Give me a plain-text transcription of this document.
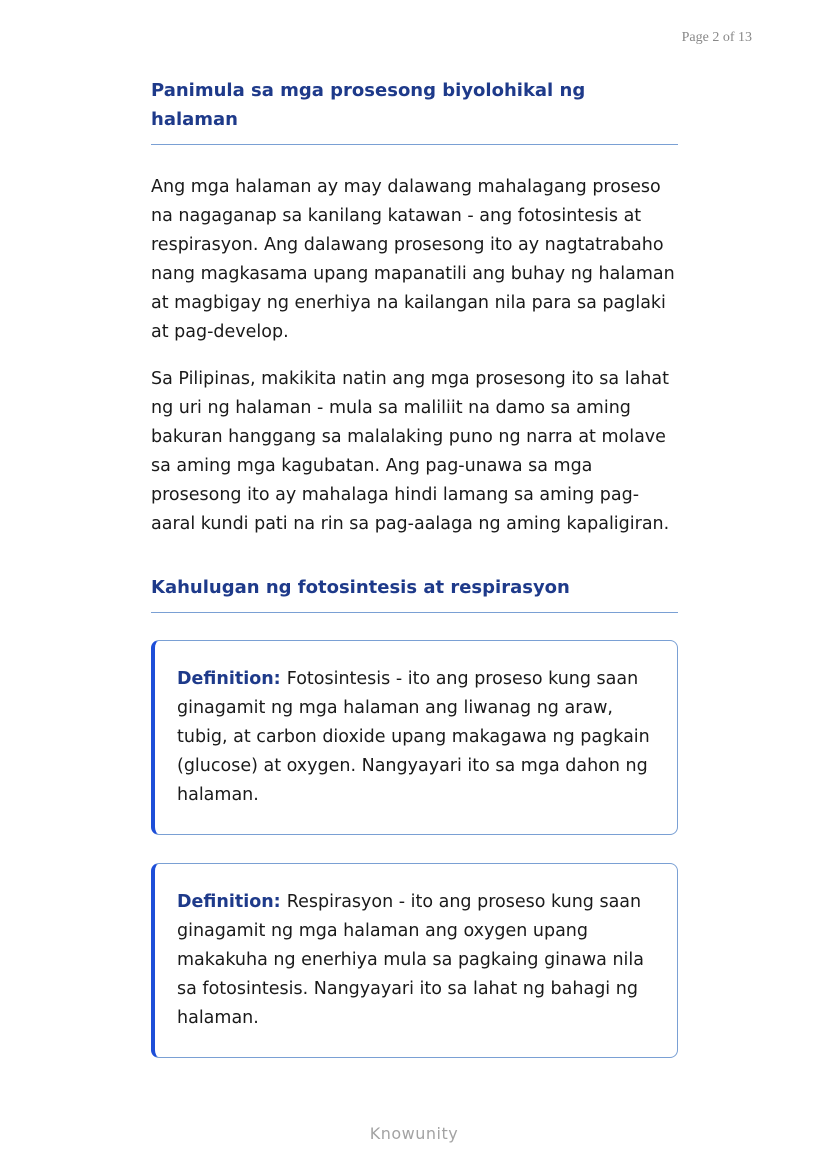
Page 2 of 13
Panimula sa mga prosesong biyolohikal ng halaman

Ang mga halaman ay may dalawang mahalagang proseso na nagaganap sa kanilang katawan - ang fotosintesis at respirasyon. Ang dalawang prosesong ito ay nagtatrabaho nang magkasama upang mapanatili ang buhay ng halaman at magbigay ng enerhiya na kailangan nila para sa paglaki at pag-develop.

Sa Pilipinas, makikita natin ang mga prosesong ito sa lahat ng uri ng halaman - mula sa maliliit na damo sa aming bakuran hanggang sa malalaking puno ng narra at molave sa aming mga kagubatan. Ang pag-unawa sa mga prosesong ito ay mahalaga hindi lamang sa aming pag-aaral kundi pati na rin sa pag-aalaga ng aming kapaligiran.

Kahulugan ng fotosintesis at respirasyon
Definition: Fotosintesis - ito ang proseso kung saan ginagamit ng mga halaman ang liwanag ng araw, tubig, at carbon dioxide upang makagawa ng pagkain (glucose) at oxygen. Nangyayari ito sa mga dahon ng halaman.
Definition: Respirasyon - ito ang proseso kung saan ginagamit ng mga halaman ang oxygen upang makakuha ng enerhiya mula sa pagkaing ginawa nila sa fotosintesis. Nangyayari ito sa lahat ng bahagi ng halaman.
Knowunity
